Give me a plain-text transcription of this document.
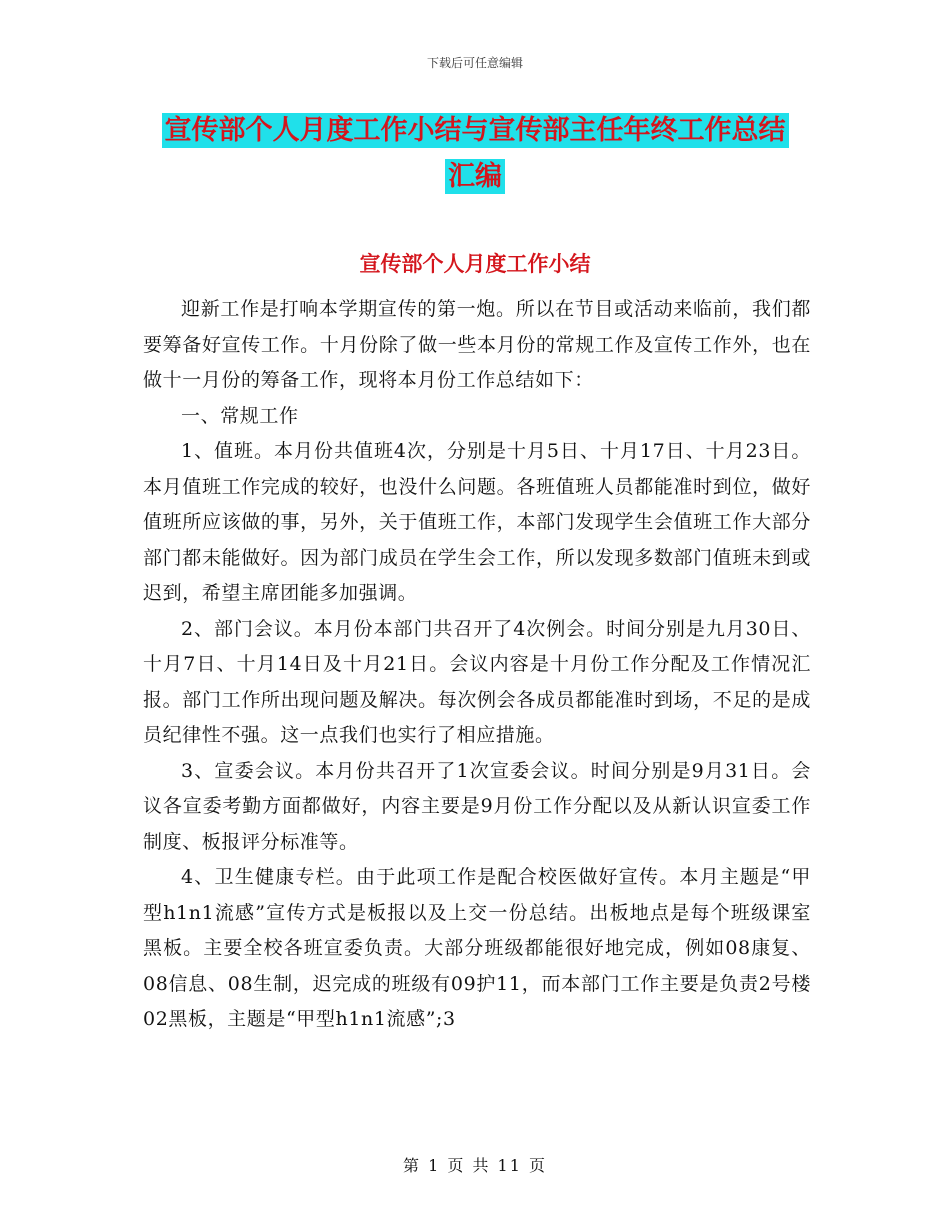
下载后可任意编辑
宣传部个人月度工作小结与宣传部主任年终工作总结
汇编
宣传部个人月度工作小结

迎新工作是打响本学期宣传的第一炮。所以在节目或活动来临前，我们都要筹备好宣传工作。十月份除了做一些本月份的常规工作及宣传工作外，也在做十一月份的筹备工作，现将本月份工作总结如下：

一、常规工作

1、值班。本月份共值班4次，分别是十月5日、十月17日、十月23日。本月值班工作完成的较好，也没什么问题。各班值班人员都能准时到位，做好值班所应该做的事，另外，关于值班工作，本部门发现学生会值班工作大部分部门都未能做好。因为部门成员在学生会工作，所以发现多数部门值班未到或迟到，希望主席团能多加强调。

2、部门会议。本月份本部门共召开了4次例会。时间分别是九月30日、十月7日、十月14日及十月21日。会议内容是十月份工作分配及工作情况汇报。部门工作所出现问题及解决。每次例会各成员都能准时到场，不足的是成员纪律性不强。这一点我们也实行了相应措施。

3、宣委会议。本月份共召开了1次宣委会议。时间分别是9月31日。会议各宣委考勤方面都做好，内容主要是9月份工作分配以及从新认识宣委工作制度、板报评分标准等。

4、卫生健康专栏。由于此项工作是配合校医做好宣传。本月主题是“甲型h1n1流感”宣传方式是板报以及上交一份总结。出板地点是每个班级课室黑板。主要全校各班宣委负责。大部分班级都能很好地完成，例如08康复、08信息、08生制，迟完成的班级有09护11，而本部门工作主要是负责2号楼02黑板，主题是“甲型h1n1流感”;3

第 1 页 共 11 页
